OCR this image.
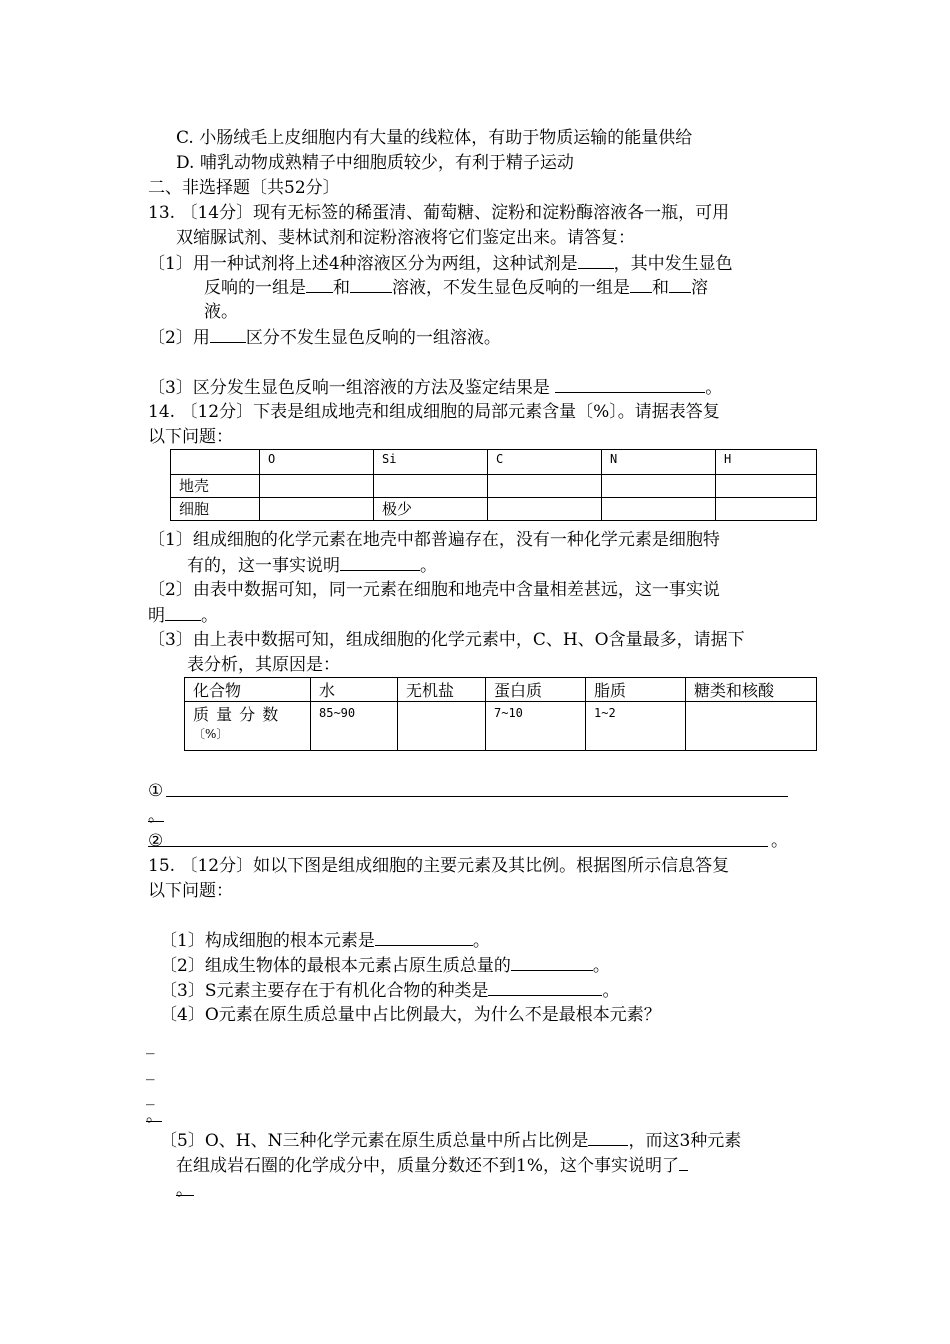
C. 小肠绒毛上皮细胞内有大量的线粒体，有助于物质运输的能量供给
D. 哺乳动物成熟精子中细胞质较少，有利于精子运动
二、非选择题〔共52分〕
13. 〔14分〕现有无标签的稀蛋清、葡萄糖、淀粉和淀粉酶溶液各一瓶，可用
双缩脲试剂、斐林试剂和淀粉溶液将它们鉴定出来。请答复：
〔1〕用一种试剂将上述4种溶液区分为两组，这种试剂是 ，其中发生显色
反响的一组是 和 溶液，不发生显色反响的一组是 和 溶
液。
〔2〕用 区分不发生显色反响的一组溶液。
〔3〕区分发生显色反响一组溶液的方法及鉴定结果是	。
14. 〔12分〕下表是组成地壳和组成细胞的局部元素含量〔%〕。请据表答复
以下问题：
	O	Si	C	N	H
地壳					
细胞		极少			
〔1〕组成细胞的化学元素在地壳中都普遍存在，没有一种化学元素是细胞特
有的，这一事实说明	。
〔2〕由表中数据可知，同一元素在细胞和地壳中含量相差甚远，这一事实说
明 。
〔3〕由上表中数据可知，组成细胞的化学元素中，C、H、O含量最多，请据下
表分析，其原因是：
化合物	水	无机盐	蛋白质	脂质	糖类和核酸

质 量 分 数
〔%〕	85~90		7~10	1~2	
①
。
②	。
15. 〔12分〕如以下图是组成细胞的主要元素及其比例。根据图所示信息答复
以下问题：
〔1〕构成细胞的根本元素是	。
〔2〕组成生物体的最根本元素占原生质总量的	。
〔3〕S元素主要存在于有机化合物的种类是	。
〔4〕O元素在原生质总量中占比例最大，为什么不是最根本元素？
_
_
_
。
〔5〕O、H、N三种化学元素在原生质总量中所占比例是 ，而这3种元素
在组成岩石圈的化学成分中，质量分数还不到1%，这个事实说明了
。
